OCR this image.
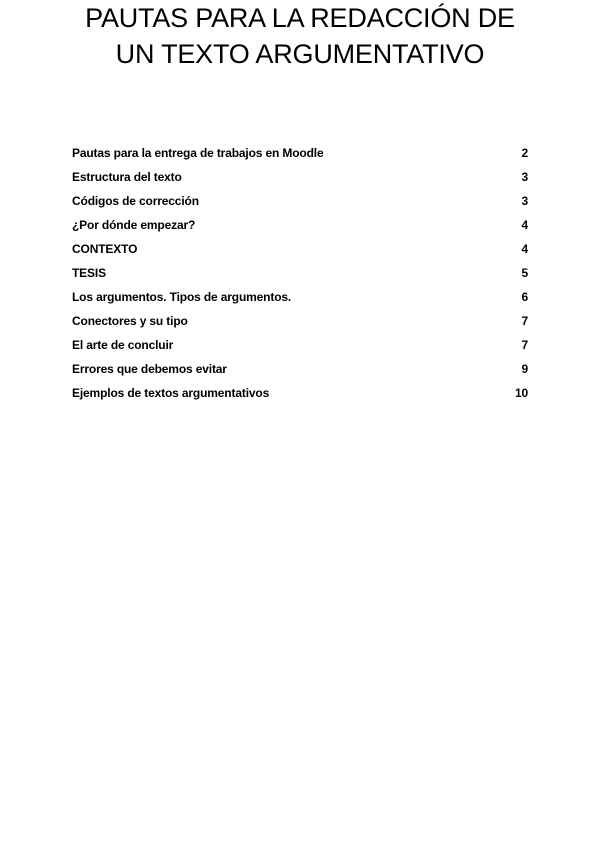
PAUTAS PARA LA REDACCIÓN DE
UN TEXTO ARGUMENTATIVO
Pautas para la entrega de trabajos en Moodle	2
Estructura del texto	3
Códigos de corrección	3
¿Por dónde empezar?	4
CONTEXTO	4
TESIS	5
Los argumentos. Tipos de argumentos.	6
Conectores y su tipo	7
El arte de concluir	7
Errores que debemos evitar	9
Ejemplos de textos argumentativos	10
